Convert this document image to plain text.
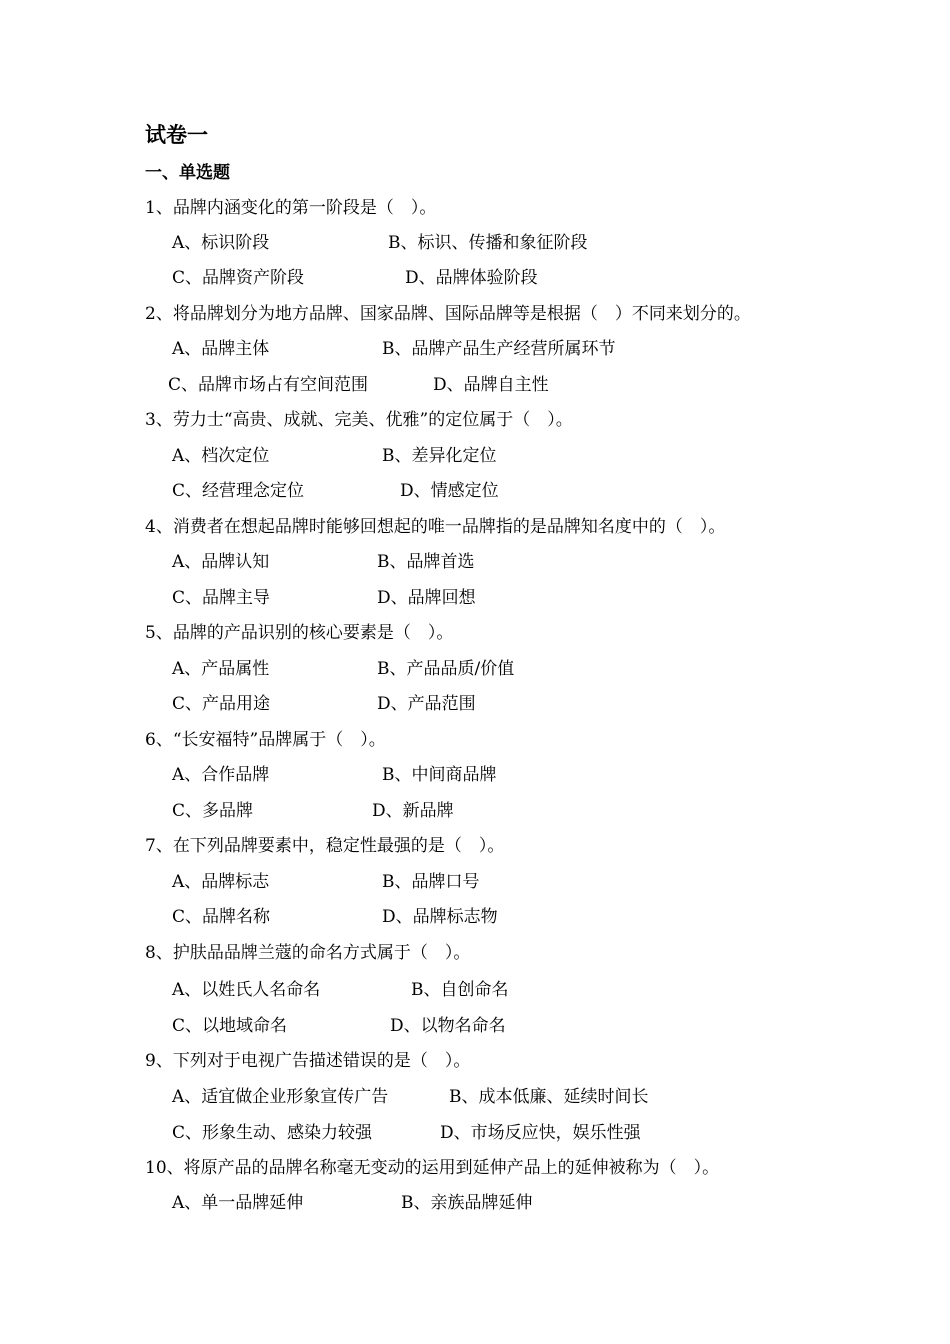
试卷一
一、单选题
1、品牌内涵变化的第一阶段是（　）。
A、标识阶段	B、标识、传播和象征阶段
C、品牌资产阶段	D、品牌体验阶段
2、将品牌划分为地方品牌、国家品牌、国际品牌等是根据（　）不同来划分的。
A、品牌主体	B、品牌产品生产经营所属环节
C、品牌市场占有空间范围	D、品牌自主性
3、劳力士“高贵、成就、完美、优雅”的定位属于（　）。
A、档次定位	B、差异化定位
C、经营理念定位	D、情感定位
4、消费者在想起品牌时能够回想起的唯一品牌指的是品牌知名度中的（　）。
A、品牌认知	B、品牌首选
C、品牌主导	D、品牌回想
5、品牌的产品识别的核心要素是（　）。
A、产品属性	B、产品品质/价值
C、产品用途	D、产品范围
6、“长安福特”品牌属于（　）。
A、合作品牌	B、中间商品牌
C、多品牌	D、新品牌
7、在下列品牌要素中，稳定性最强的是（　）。
A、品牌标志	B、品牌口号
C、品牌名称	D、品牌标志物
8、护肤品品牌兰蔻的命名方式属于（　）。
A、以姓氏人名命名	B、自创命名
C、以地域命名	D、以物名命名
9、下列对于电视广告描述错误的是（　）。
A、适宜做企业形象宣传广告	B、成本低廉、延续时间长
C、形象生动、感染力较强	D、市场反应快，娱乐性强
10、将原产品的品牌名称毫无变动的运用到延伸产品上的延伸被称为（　）。
A、单一品牌延伸	B、亲族品牌延伸
